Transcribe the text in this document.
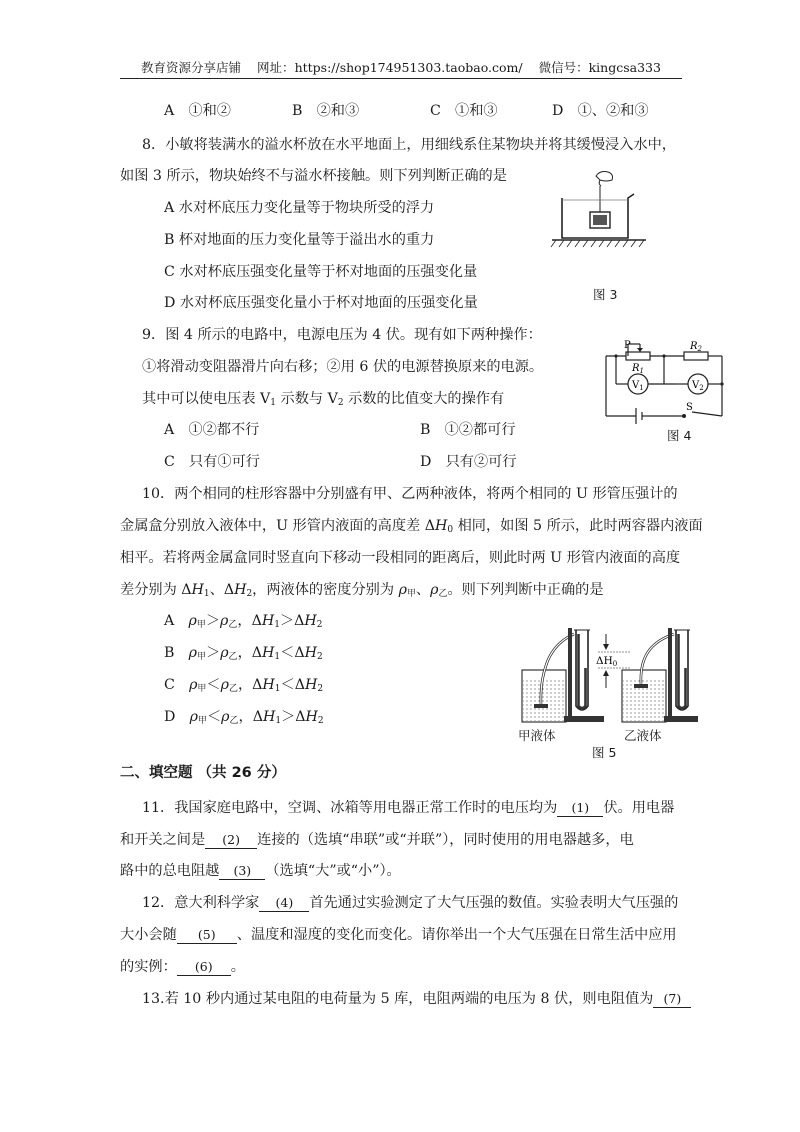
教育资源分享店铺 网址：https://shop174951303.taobao.com/ 微信号：kingcsa333
A　①和②	B　②和③	C　①和③	D　①、②和③
8．小敏将装满水的溢水杯放在水平地面上，用细线系住某物块并将其缓慢浸入水中，
如图 3 所示，物块始终不与溢水杯接触。则下列判断正确的是
A 水对杯底压力变化量等于物块所受的浮力
B 杯对地面的压力变化量等于溢出水的重力
C 水对杯底压强变化量等于杯对地面的压强变化量
D 水对杯底压强变化量小于杯对地面的压强变化量
图 3
9．图 4 所示的电路中，电源电压为 4 伏。现有如下两种操作：
①将滑动变阻器滑片向右移；②用 6 伏的电源替换原来的电源。
其中可以使电压表 $V_1$ 示数与 $V_2$ 示数的比值变大的操作有
A　①②都不行	B　①②都可行
C　只有①可行	D　只有②可行
P
$R_1$
$R_2$
$V_1$	$V_2$
S
图 4
10．两个相同的柱形容器中分别盛有甲、乙两种液体，将两个相同的 U 形管压强计的
金属盒分别放入液体中，U 形管内液面的高度差 $\Delta H_0$ 相同，如图 5 所示，此时两容器内液面
相平。若将两金属盒同时竖直向下移动一段相同的距离后，则此时两 U 形管内液面的高度
差分别为 $\Delta H_1$、$\Delta H_2$，两液体的密度分别为 $\rho_甲$、$\rho_乙$。则下列判断中正确的是
A　 $\rho_甲>\rho_乙$，$\Delta H_1>\Delta H_2$
B　 $\rho_甲>\rho_乙$，$\Delta H_1<\Delta H_2$
C　 $\rho_甲<\rho_乙$，$\Delta H_1<\Delta H_2$
D　 $\rho_甲<\rho_乙$，$\Delta H_1>\Delta H_2$
ΔH0
甲液体	乙液体
图 5
二、填空题 （共 26 分）
11．我国家庭电路中，空调、冰箱等用电器正常工作时的电压均为 (1) 伏。用电器
和开关之间是 (2) 连接的（选填“串联”或“并联”），同时使用的用电器越多，电
路中的总电阻越 (3) （选填“大”或“小”）。
12．意大利科学家 (4) 首先通过实验测定了大气压强的数值。实验表明大气压强的
大小会随 (5) 、温度和湿度的变化而变化。请你举出一个大气压强在日常生活中应用
的实例： (6) 。
13.若 10 秒内通过某电阻的电荷量为 5 库，电阻两端的电压为 8 伏，则电阻值为 (7)
